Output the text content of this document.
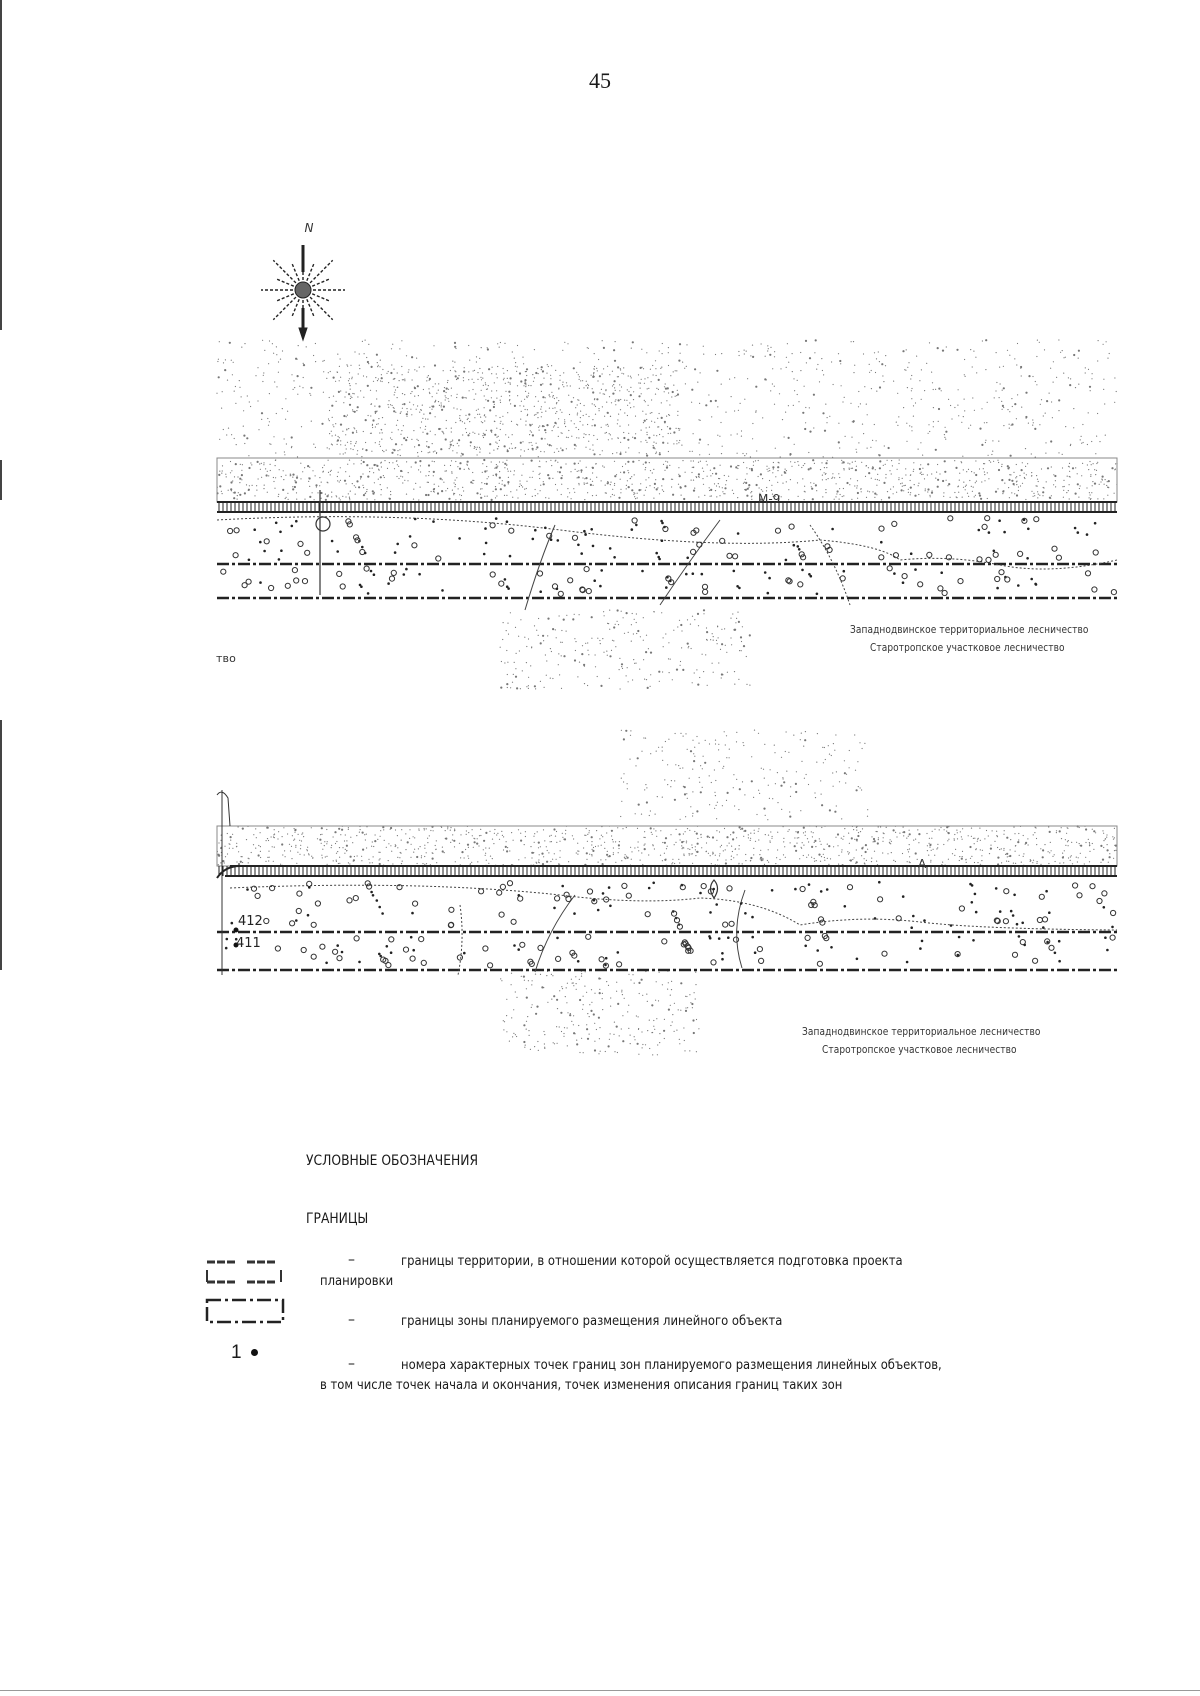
45
N
М-9
412
411
А
Западнодвинское территориальное лесничество
Старотропское участковое лесничество
тво
Западнодвинское территориальное лесничество
Старотропское участковое лесничество
УСЛОВНЫЕ ОБОЗНАЧЕНИЯ
ГРАНИЦЫ
–	границы территории, в отношении которой осуществляется подготовка проекта
планировки
–	границы зоны планируемого размещения линейного объекта
1
–	номера характерных точек границ зон планируемого размещения линейных объектов,
в том числе точек начала и окончания, точек изменения описания границ таких зон
